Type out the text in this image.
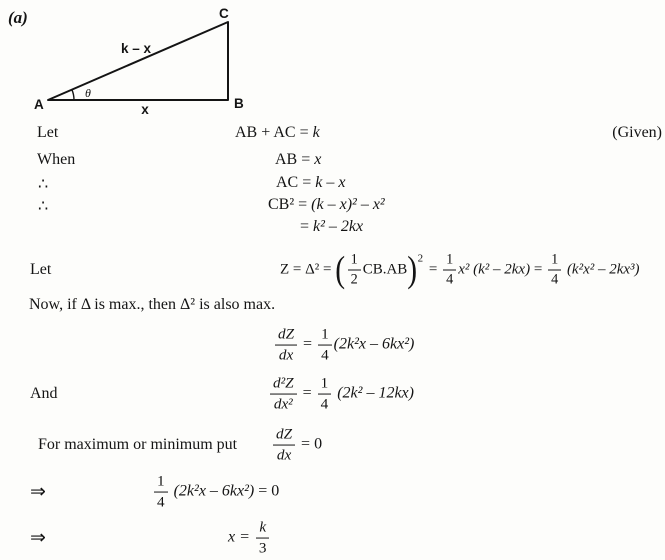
(a)
A	B
C
k – x
x
θ
Let	AB + AC = k	(Given)
When	AB = x
∴	AC = k – x
∴	CB² = (k – x)² – x²
= k² – 2kx
Let	Z = Δ² = ( $\frac{1}{2} CB.AB$ ) 2
= $\frac{1}{4} x^2$ $(k^2 - 2kx) = \frac{1}{4} (k^2x^2 - 2kx^3)$
Now, if Δ is max., then Δ² is also max.
$\frac{dZ}{dx} = \frac{1}{4} (2k^2x - 6kx^2)$
And	$\frac{\text{d²Z}}{\text{dx²}} = \frac{1}{4} (2k^2 - 12kx)$
For maximum or minimum put $\frac{dZ}{dx} = 0$
⇒	$\frac{1}{4} (2k^2x - 6kx^2) = 0$
⇒	$x = \frac{k}{3}$
